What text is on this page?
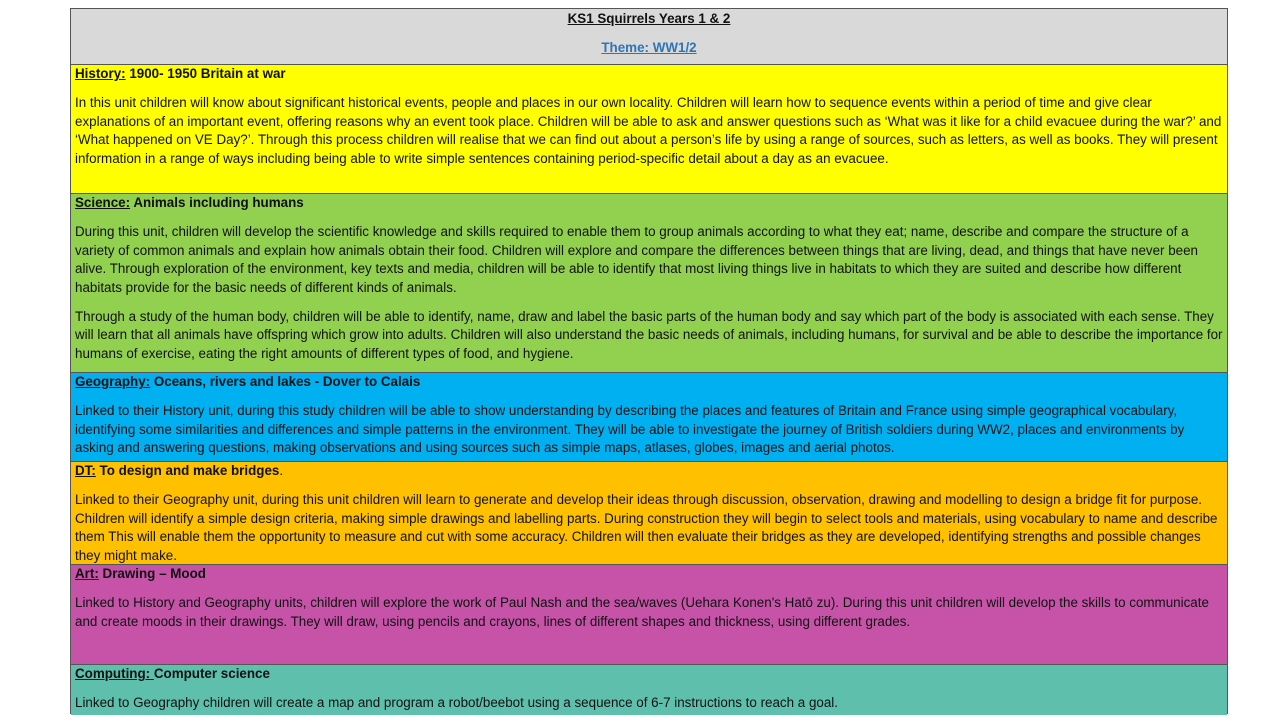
KS1 Squirrels Years 1 & 2
Theme: WW1/2
History: 1900- 1950 Britain at war

In this unit children will know about significant historical events, people and places in our own locality. Children will learn how to sequence events within a period of time and give clear explanations of an important event, offering reasons why an event took place. Children will be able to ask and answer questions such as ‘What was it like for a child evacuee during the war?’ and ‘What happened on VE Day?’. Through this process children will realise that we can find out about a person’s life by using a range of sources, such as letters, as well as books. They will present information in a range of ways including being able to write simple sentences containing period-specific detail about a day as an evacuee.

Science: Animals including humans

During this unit, children will develop the scientific knowledge and skills required to enable them to group animals according to what they eat; name, describe and compare the structure of a variety of common animals and explain how animals obtain their food. Children will explore and compare the differences between things that are living, dead, and things that have never been alive. Through exploration of the environment, key texts and media, children will be able to identify that most living things live in habitats to which they are suited and describe how different habitats provide for the basic needs of different kinds of animals.

Through a study of the human body, children will be able to identify, name, draw and label the basic parts of the human body and say which part of the body is associated with each sense. They will learn that all animals have offspring which grow into adults. Children will also understand the basic needs of animals, including humans, for survival and be able to describe the importance for humans of exercise, eating the right amounts of different types of food, and hygiene.

Geography: Oceans, rivers and lakes - Dover to Calais

Linked to their History unit, during this study children will be able to show understanding by describing the places and features of Britain and France using simple geographical vocabulary, identifying some similarities and differences and simple patterns in the environment. They will be able to investigate the journey of British soldiers during WW2, places and environments by asking and answering questions, making observations and using sources such as simple maps, atlases, globes, images and aerial photos.

DT: To design and make bridges.

Linked to their Geography unit, during this unit children will learn to generate and develop their ideas through discussion, observation, drawing and modelling to design a bridge fit for purpose. Children will identify a simple design criteria, making simple drawings and labelling parts. During construction they will begin to select tools and materials, using vocabulary to name and describe them This will enable them the opportunity to measure and cut with some accuracy. Children will then evaluate their bridges as they are developed, identifying strengths and possible changes they might make.

Art: Drawing – Mood

Linked to History and Geography units, children will explore the work of Paul Nash and the sea/waves (Uehara Konen's Hatō zu). During this unit children will develop the skills to communicate and create moods in their drawings. They will draw, using pencils and crayons, lines of different shapes and thickness, using different grades.

Computing: Computer science

Linked to Geography children will create a map and program a robot/beebot using a sequence of 6-7 instructions to reach a goal.
